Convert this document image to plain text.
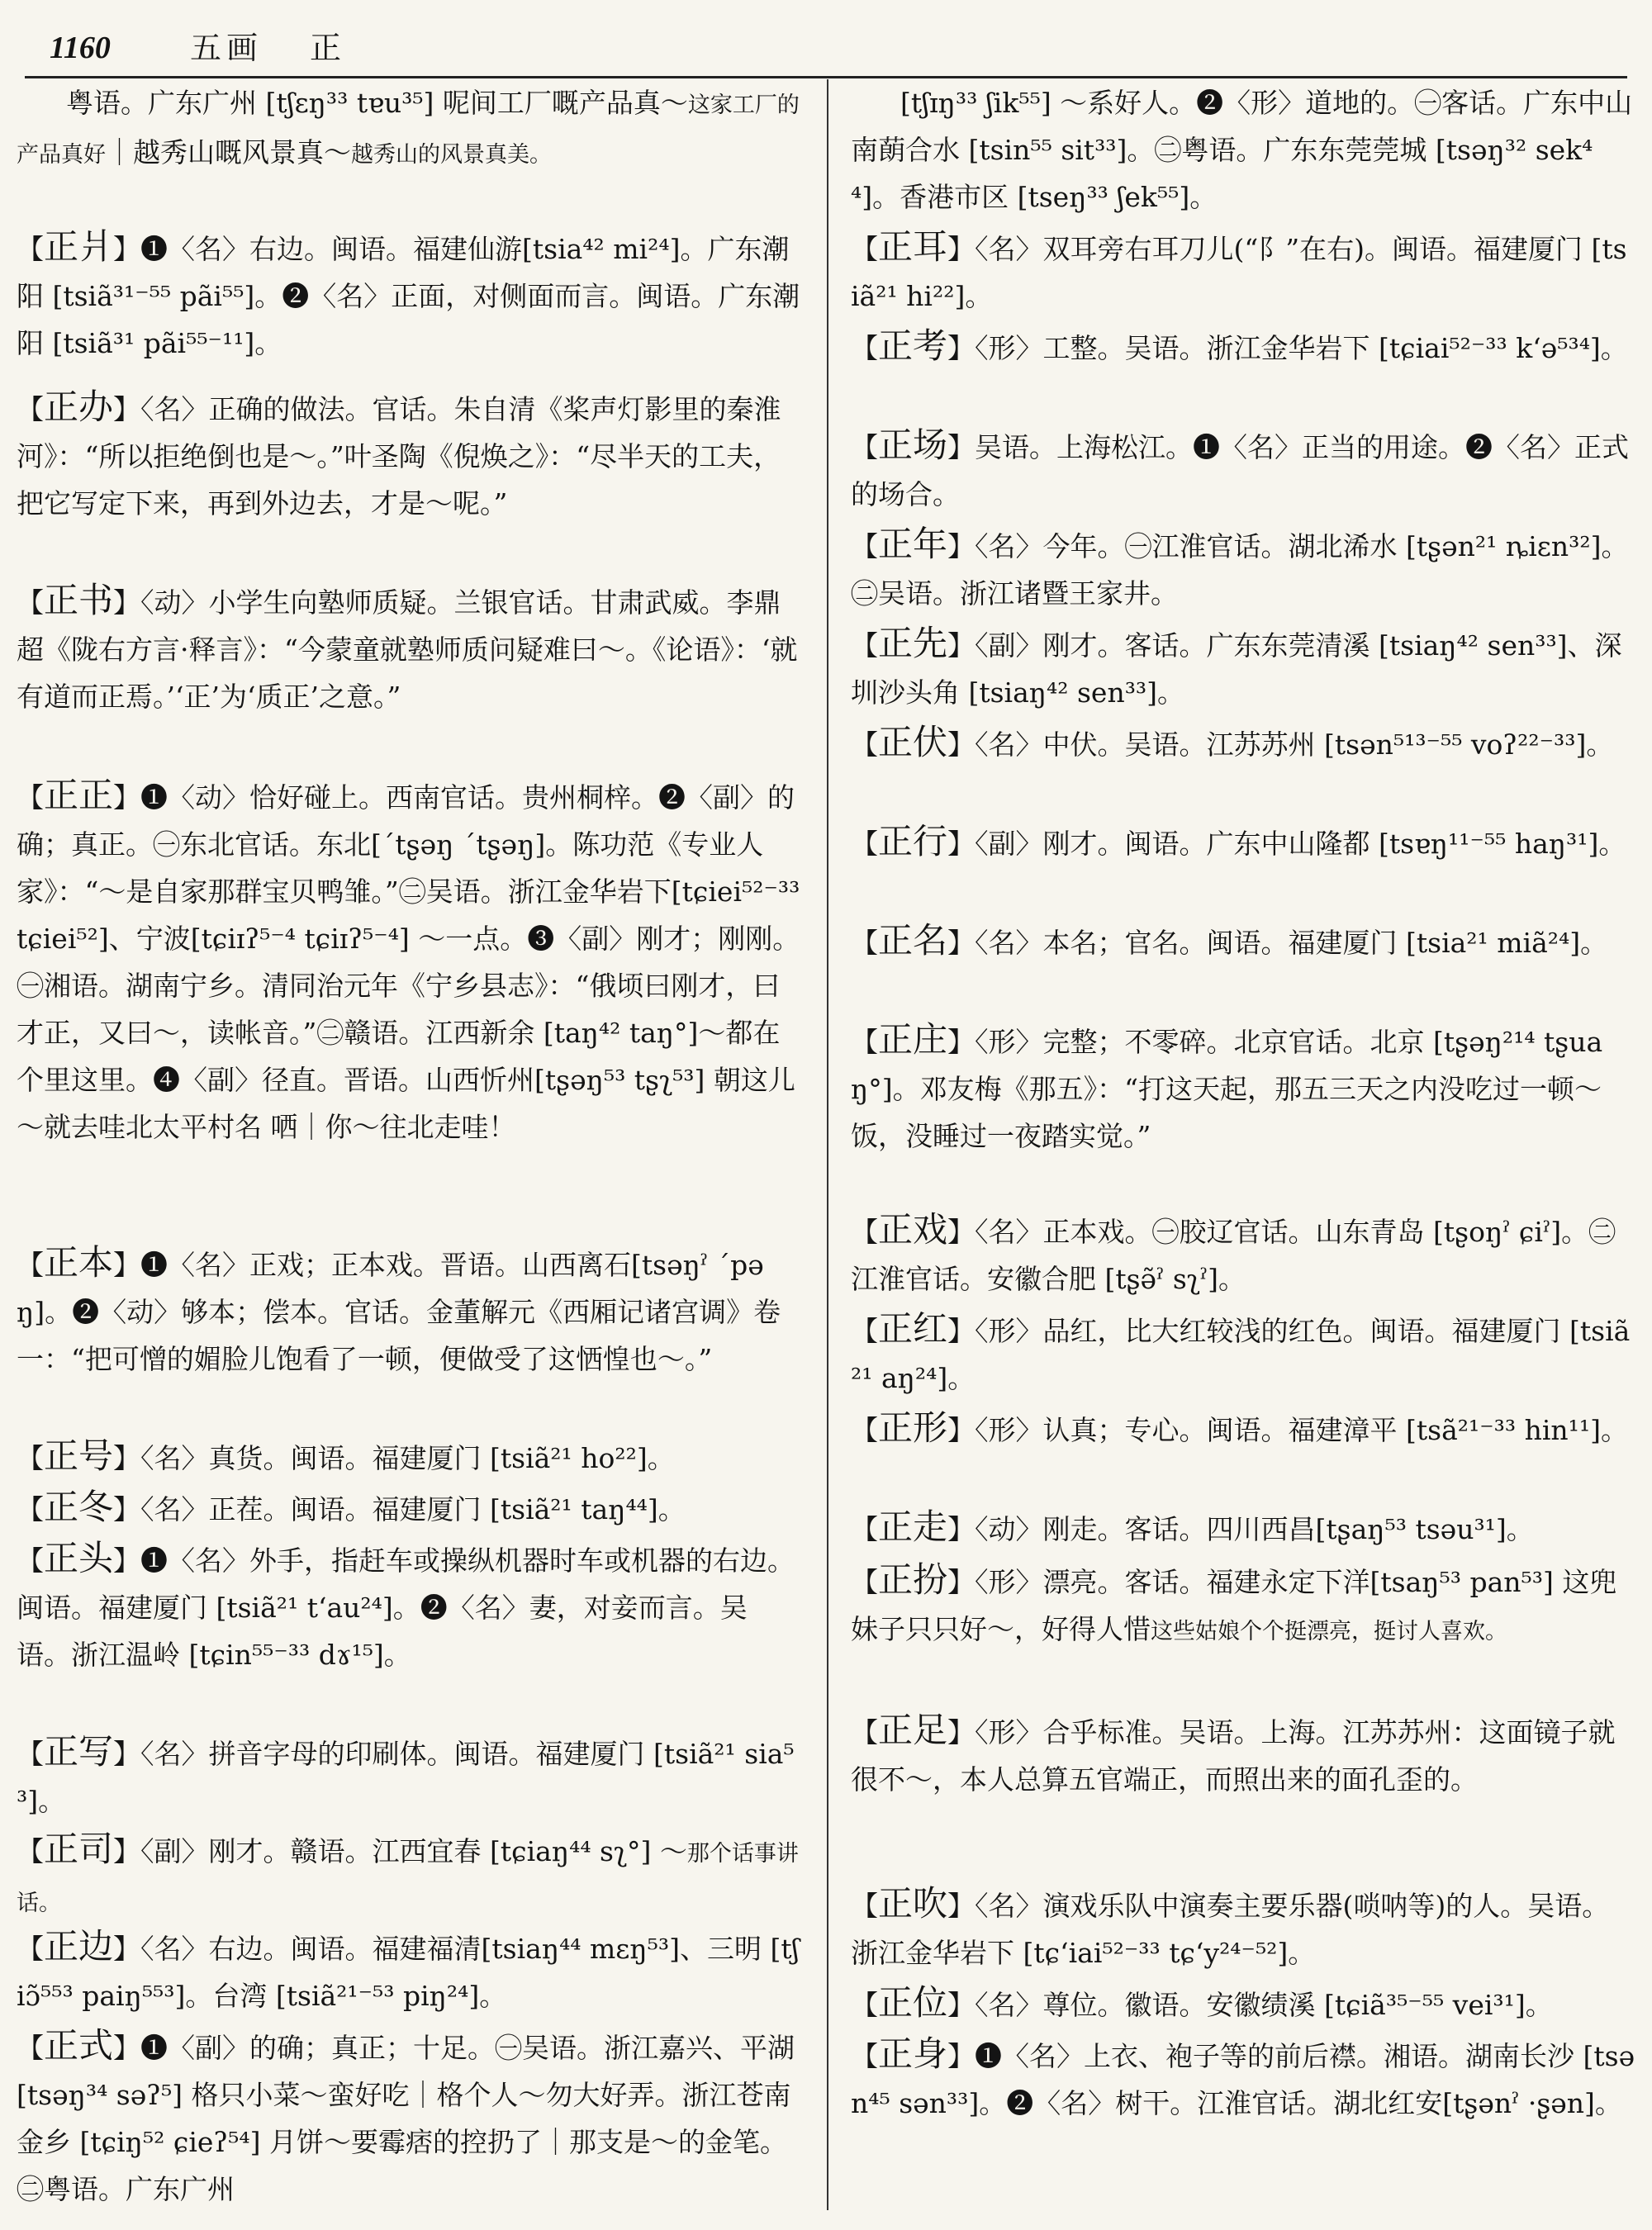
1160	五画 正
粤语。广东广州 [tʃɛŋ³³ tɐu³⁵] 呢间工厂嘅产品真～这家工厂的产品真好｜越秀山嘅风景真～越秀山的风景真美。
【正爿】❶〈名〉右边。闽语。福建仙游[tsia⁴² mi²⁴]。广东潮阳 [tsiã³¹⁻⁵⁵ pãi⁵⁵]。❷〈名〉正面，对侧面而言。闽语。广东潮阳 [tsiã³¹ pãi⁵⁵⁻¹¹]。
【正办】〈名〉正确的做法。官话。朱自清《桨声灯影里的秦淮河》：“所以拒绝倒也是～。”叶圣陶《倪焕之》：“尽半天的工夫，把它写定下来，再到外边去，才是～呢。”
【正书】〈动〉小学生向塾师质疑。兰银官话。甘肃武威。李鼎超《陇右方言·释言》：“今蒙童就塾师质问疑难曰～。《论语》：‘就有道而正焉。’‘正’为‘质正’之意。”
【正正】❶〈动〉恰好碰上。西南官话。贵州桐梓。❷〈副〉的确；真正。㊀东北官话。东北[ˊtʂəŋ ˊtʂəŋ]。陈功范《专业人家》：“～是自家那群宝贝鸭雏。”㊁吴语。浙江金华岩下[tɕiei⁵²⁻³³ tɕiei⁵²]、宁波[tɕiɪʔ⁵⁻⁴ tɕiɪʔ⁵⁻⁴] ～一点。❸〈副〉刚才；刚刚。㊀湘语。湖南宁乡。清同治元年《宁乡县志》：“俄顷曰刚才，曰才正，又曰～，读帐音。”㊁赣语。江西新余 [taŋ⁴² taŋ°]～都在个里这里。❹〈副〉径直。晋语。山西忻州[tʂəŋ⁵³ tʂʅ⁵³] 朝这儿～就去哇北太平村名 哂｜你～往北走哇！
【正本】❶〈名〉正戏；正本戏。晋语。山西离石[tsəŋˀ ˊpəŋ]。❷〈动〉够本；偿本。官话。金董解元《西厢记诸宫调》卷一：“把可憎的媚脸儿饱看了一顿，便做受了这恓惶也～。”
【正号】〈名〉真货。闽语。福建厦门 [tsiã²¹ ho²²]。
【正冬】〈名〉正茬。闽语。福建厦门 [tsiã²¹ taŋ⁴⁴]。
【正头】❶〈名〉外手，指赶车或操纵机器时车或机器的右边。闽语。福建厦门 [tsiã²¹ tʻau²⁴]。❷〈名〉妻，对妾而言。吴语。浙江温岭 [tɕin⁵⁵⁻³³ dɤ¹⁵]。
【正写】〈名〉拼音字母的印刷体。闽语。福建厦门 [tsiã²¹ sia⁵³]。
【正司】〈副〉刚才。赣语。江西宜春 [tɕiaŋ⁴⁴ sʅ°] ～那个话事讲话。
【正边】〈名〉右边。闽语。福建福清[tsiaŋ⁴⁴ mɛŋ⁵³]、三明 [tʃiɔ̃⁵⁵³ paiŋ⁵⁵³]。台湾 [tsiã²¹⁻⁵³ piŋ²⁴]。
【正式】❶〈副〉的确；真正；十足。㊀吴语。浙江嘉兴、平湖 [tsəŋ³⁴ səʔ⁵] 格只小菜～蛮好吃｜格个人～勿大好弄。浙江苍南金乡 [tɕiŋ⁵² ɕieʔ⁵⁴] 月饼～要霉痞的控扔了｜那支是～的金笔。㊁粤语。广东广州
[tʃɪŋ³³ ʃik⁵⁵] ～系好人。❷〈形〉道地的。㊀客话。广东中山南蓢合水 [tsin⁵⁵ sit³³]。㊁粤语。广东东莞莞城 [tsəŋ³² sek⁴⁴]。香港市区 [tseŋ³³ ʃek⁵⁵]。
【正耳】〈名〉双耳旁右耳刀儿(“阝”在右)。闽语。福建厦门 [tsiã²¹ hi²²]。
【正考】〈形〉工整。吴语。浙江金华岩下 [tɕiai⁵²⁻³³ kʻə⁵³⁴]。
【正场】吴语。上海松江。❶〈名〉正当的用途。❷〈名〉正式的场合。
【正年】〈名〉今年。㊀江淮官话。湖北浠水 [tʂən²¹ ȵiɛn³²]。㊁吴语。浙江诸暨王家井。
【正先】〈副〉刚才。客话。广东东莞清溪 [tsiaŋ⁴² sen³³]、深圳沙头角 [tsiaŋ⁴² sen³³]。
【正伏】〈名〉中伏。吴语。江苏苏州 [tsən⁵¹³⁻⁵⁵ voʔ²²⁻³³]。
【正行】〈副〉刚才。闽语。广东中山隆都 [tsɐŋ¹¹⁻⁵⁵ haŋ³¹]。
【正名】〈名〉本名；官名。闽语。福建厦门 [tsia²¹ miã²⁴]。
【正庄】〈形〉完整；不零碎。北京官话。北京 [tʂəŋ²¹⁴ tʂuaŋ°]。邓友梅《那五》：“打这天起，那五三天之内没吃过一顿～饭，没睡过一夜踏实觉。”
【正戏】〈名〉正本戏。㊀胶辽官话。山东青岛 [tʂoŋˀ ɕiˀ]。㊁江淮官话。安徽合肥 [tʂə̃ˀ sʅˀ]。
【正红】〈形〉品红，比大红较浅的红色。闽语。福建厦门 [tsiã²¹ aŋ²⁴]。
【正形】〈形〉认真；专心。闽语。福建漳平 [tsã²¹⁻³³ hin¹¹]。
【正走】〈动〉刚走。客话。四川西昌[tʂaŋ⁵³ tsəu³¹]。
【正扮】〈形〉漂亮。客话。福建永定下洋[tsaŋ⁵³ pan⁵³] 这兜妹子只只好～，好得人惜这些姑娘个个挺漂亮，挺讨人喜欢。
【正足】〈形〉合乎标准。吴语。上海。江苏苏州：这面镜子就很不～，本人总算五官端正，而照出来的面孔歪的。
【正吹】〈名〉演戏乐队中演奏主要乐器(唢呐等)的人。吴语。浙江金华岩下 [tɕʻiai⁵²⁻³³ tɕʻy²⁴⁻⁵²]。
【正位】〈名〉尊位。徽语。安徽绩溪 [tɕiã³⁵⁻⁵⁵ vei³¹]。
【正身】❶〈名〉上衣、袍子等的前后襟。湘语。湖南长沙 [tsən⁴⁵ sən³³]。❷〈名〉树干。江淮官话。湖北红安[tʂənˀ ·ʂən]。
